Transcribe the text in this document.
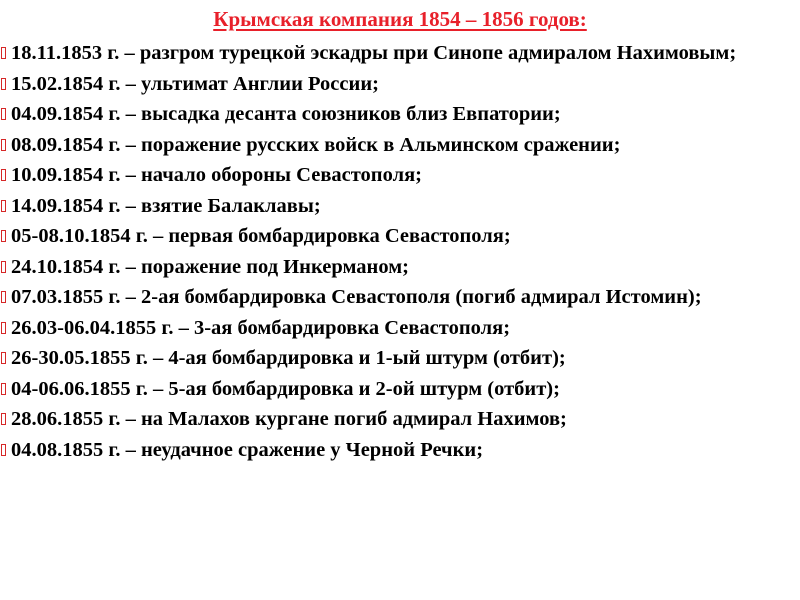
Крымская компания 1854 – 1856 годов:
18.11.1853 г. – разгром турецкой эскадры при Синопе адмиралом Нахимовым;
15.02.1854 г. – ультимат Англии России;
04.09.1854 г. – высадка десанта союзников близ Евпатории;
08.09.1854 г. – поражение русских войск в Альминском сражении;
10.09.1854 г. – начало обороны Севастополя;
14.09.1854 г. – взятие Балаклавы;
05-08.10.1854 г. – первая бомбардировка Севастополя;
24.10.1854 г. – поражение под Инкерманом;
07.03.1855 г. – 2-ая бомбардировка Севастополя (погиб адмирал Истомин);
26.03-06.04.1855 г. – 3-ая бомбардировка Севастополя;
26-30.05.1855 г. – 4-ая бомбардировка и 1-ый штурм (отбит);
04-06.06.1855 г. – 5-ая бомбардировка и 2-ой штурм (отбит);
28.06.1855 г. – на Малахов кургане погиб адмирал Нахимов;
04.08.1855 г. – неудачное сражение у Черной Речки;
